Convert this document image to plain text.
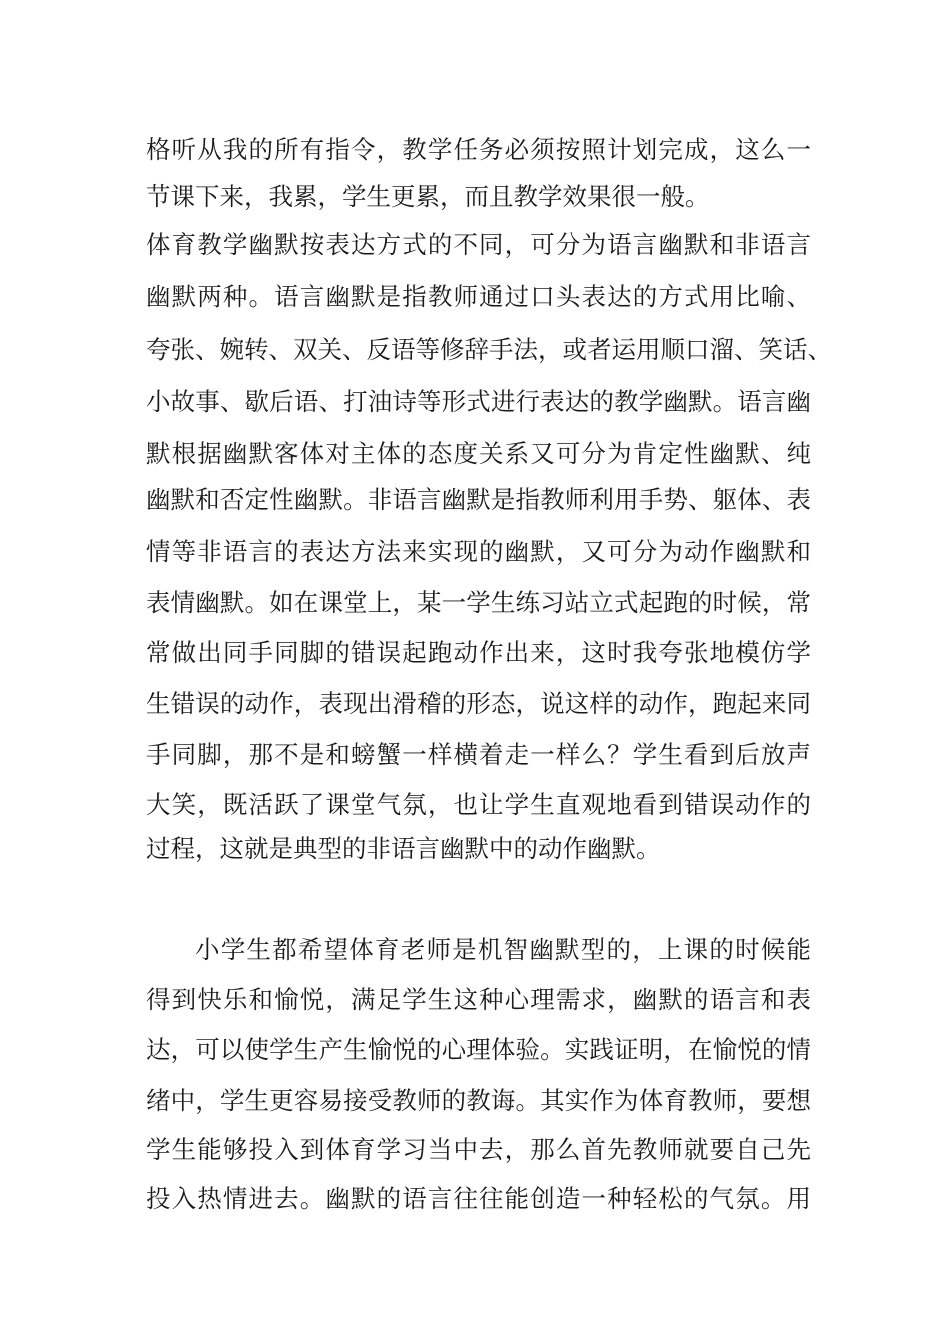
格听从我的所有指令，教学任务必须按照计划完成，这么一
节课下来，我累，学生更累，而且教学效果很一般。
体育教学幽默按表达方式的不同，可分为语言幽默和非语言
幽默两种。语言幽默是指教师通过口头表达的方式用比喻、
夸张、婉转、双关、反语等修辞手法，或者运用顺口溜、笑话、
小故事、歇后语、打油诗等形式进行表达的教学幽默。语言幽
默根据幽默客体对主体的态度关系又可分为肯定性幽默、纯
幽默和否定性幽默。非语言幽默是指教师利用手势、躯体、表
情等非语言的表达方法来实现的幽默，又可分为动作幽默和
表情幽默。如在课堂上，某一学生练习站立式起跑的时候，常
常做出同手同脚的错误起跑动作出来，这时我夸张地模仿学
生错误的动作，表现出滑稽的形态，说这样的动作，跑起来同
手同脚，那不是和螃蟹一样横着走一样么？学生看到后放声
大笑，既活跃了课堂气氛，也让学生直观地看到错误动作的
过程，这就是典型的非语言幽默中的动作幽默。
小学生都希望体育老师是机智幽默型的，上课的时候能
得到快乐和愉悦，满足学生这种心理需求，幽默的语言和表
达，可以使学生产生愉悦的心理体验。实践证明，在愉悦的情
绪中，学生更容易接受教师的教诲。其实作为体育教师，要想
学生能够投入到体育学习当中去，那么首先教师就要自己先
投入热情进去。幽默的语言往往能创造一种轻松的气氛。用
